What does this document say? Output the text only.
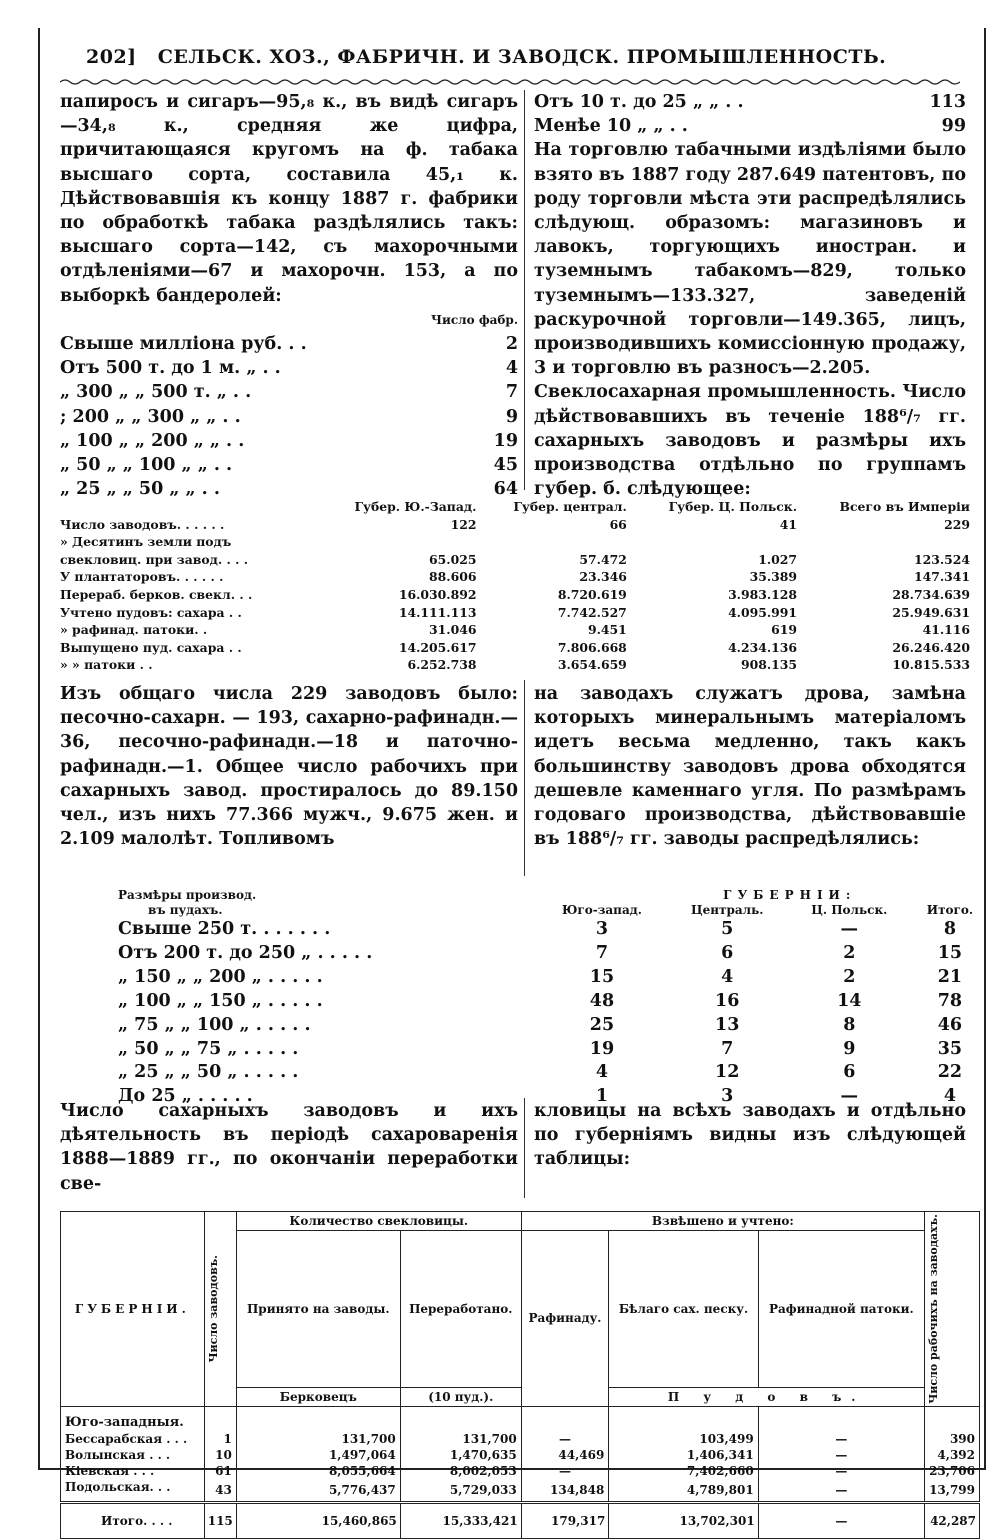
202] СЕЛЬСК. ХОЗ., ФАБРИЧН. И ЗАВОДСК. ПРОМЫШЛЕННОСТЬ.

папиросъ и сигаръ—95,₈ к., въ видѣ сигаръ—34,₈ к., средняя же цифра, причитающаяся кругомъ на ф. табака высшаго сорта, составила 45,₁ к. Дѣйствовавшія къ концу 1887 г. фабрики по обработкѣ табака раздѣлялись такъ: высшаго сорта—142, съ махорочными отдѣленіями—67 и махорочн. 153, а по выборкѣ бандеролей:

Число фабр.
Свыше милліона руб. . .	2
Отъ 500 т. до 1 м. „ . .	4
„ 300 „ „ 500 т. „ . .	7
; 200 „ „ 300 „ „ . .	9
„ 100 „ „ 200 „ „ . .	19
„ 50 „ „ 100 „ „ . .	45
„ 25 „ „ 50 „ „ . .	64
Отъ 10 т. до 25 „ „ . .	113
Менѣе 10 „ „ . .	99

На торговлю табачными издѣліями было взято въ 1887 году 287.649 патентовъ, по роду торговли мѣста эти распредѣлялись слѣдующ. образомъ: магазиновъ и лавокъ, торгующихъ иностран. и туземнымъ табакомъ—829, только туземнымъ—133.327, заведеній раскурочной торговли—149.365, лицъ, производившихъ комиссіонную продажу, 3 и торговлю въ разносъ—2.205.

Свеклосахарная промышленность. Число дѣйствовавшихъ въ теченіе 188⁶/₇ гг. сахарныхъ заводовъ и размѣры ихъ производства отдѣльно по группамъ губер. б. слѣдующее:

	Губер. Ю.-Запад.	Губер. централ.	Губер. Ц. Польск.	Всего въ Имперіи
Число заводовъ. . . . . .	122	66	41	229
» Десятинъ земли подъ				
свекловиц. при завод. . . .	65.025	57.472	1.027	123.524
У плантаторовъ. . . . . .	88.606	23.346	35.389	147.341
Перераб. берков. свекл. . .	16.030.892	8.720.619	3.983.128	28.734.639
Учтено пудовъ: сахара . .	14.111.113	7.742.527	4.095.991	25.949.631
» рафинад. патоки. .	31.046	9.451	619	41.116
Выпущено пуд. сахара . .	14.205.617	7.806.668	4.234.136	26.246.420
» » патоки . .	6.252.738	3.654.659	908.135	10.815.533

Изъ общаго числа 229 заводовъ было: песочно-сахарн. — 193, сахарно-рафинадн.—36, песочно-рафинадн.—18 и паточно-рафинадн.—1. Общее число рабочихъ при сахарныхъ завод. простиралось до 89.150 чел., изъ нихъ 77.366 мужч., 9.675 жен. и 2.109 малолѣт. Топливомъ

на заводахъ служатъ дрова, замѣна которыхъ минеральнымъ матеріаломъ идетъ весьма медленно, такъ какъ большинству заводовъ дрова обходятся дешевле каменнаго угля. По размѣрамъ годоваго производства, дѣйствовавшіе въ 188⁶/₇ гг. заводы распредѣлялись:

Размѣры производ.		ГУБЕРНІИ:		
въ пудахъ.	Юго-запад.	Централь.	Ц. Польск.	Итого.
Свыше 250 т. . . . . . .	3	5	—	8
Отъ 200 т. до 250 „ . . . . .	7	6	2	15
„ 150 „ „ 200 „ . . . . .	15	4	2	21
„ 100 „ „ 150 „ . . . . .	48	16	14	78
„ 75 „ „ 100 „ . . . . .	25	13	8	46
„ 50 „ „ 75 „ . . . . .	19	7	9	35
„ 25 „ „ 50 „ . . . . .	4	12	6	22
До 25 „ . . . . .	1	3	—	4

Число сахарныхъ заводовъ и ихъ дѣятельность въ періодѣ сахароваренія 1888—1889 гг., по окончаніи переработки све-

кловицы на всѣхъ заводахъ и отдѣльно по губерніямъ видны изъ слѣдующей таблицы:

ГУБЕРНІИ.	Число заводовъ.	Количество свекловицы.		Взвѣшено и учтено:			Число рабочихъ на заводахъ.

		Принято на заводы.	Переработано.	Рафинаду.	Бѣлаго сах. песку.	Рафинадной патоки.	
		Берковецъ	(10 пуд.).		П у д о в ъ.		
Юго-западныя.							
Бессарабская . . .	1	131,700	131,700	—	103,499	—	390
Волынская . . .	10	1,497,064	1,470,635	44,469	1,406,341	—	4,392
Кіевская . . .	61	8,055,664	8,002,053	—	7,402,660	—	23,706
Подольская. . .	43	5,776,437	5,729,033	134,848	4,789,801	—	13,799
Итого. . . .	115	15,460,865	15,333,421	179,317	13,702,301	—	42,287
